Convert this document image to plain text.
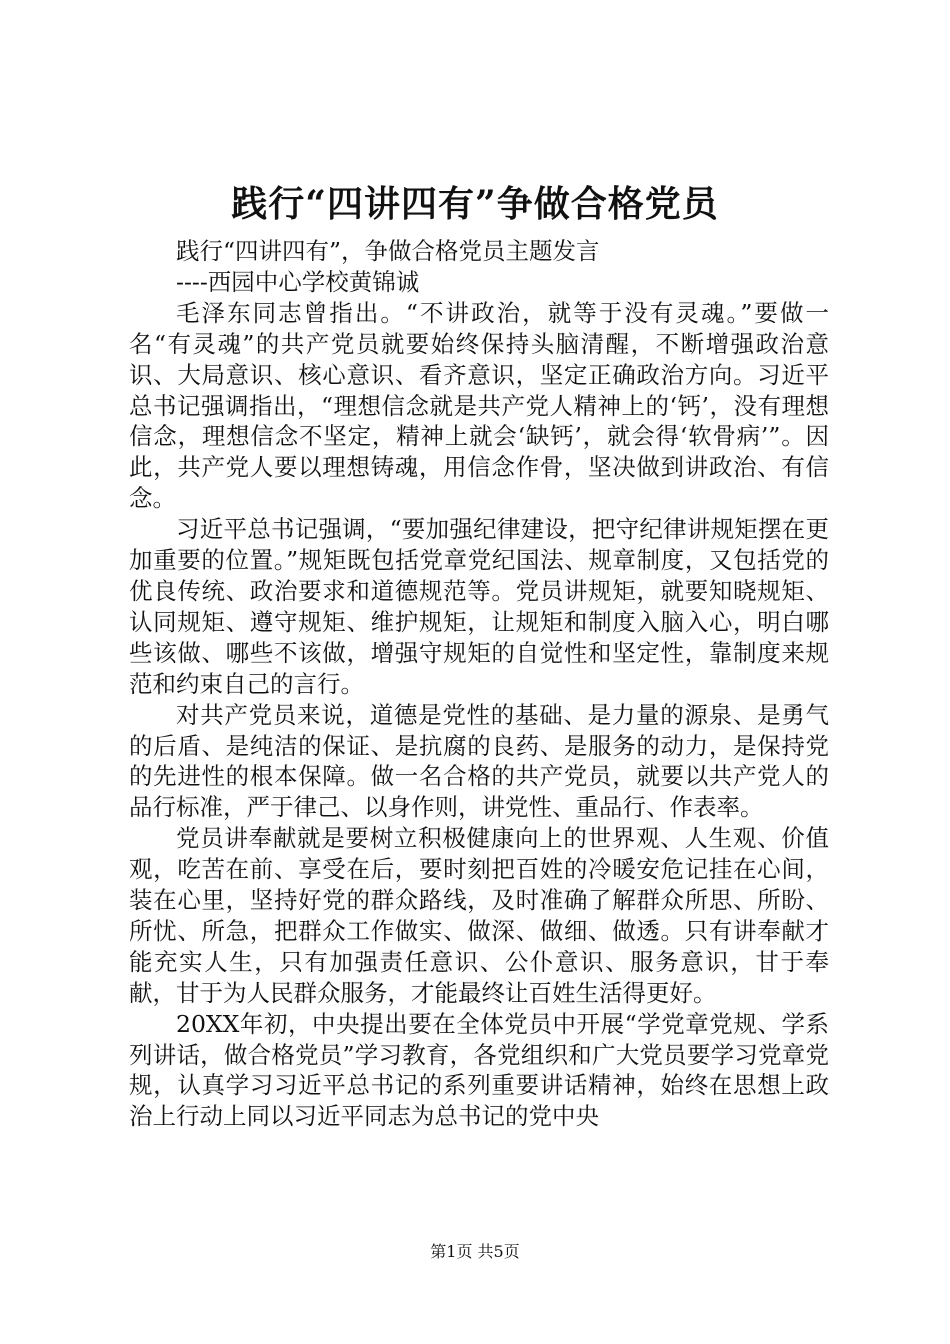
践行“四讲四有”争做合格党员

践行“四讲四有”，争做合格党员主题发言

----西园中心学校黄锦诚

毛泽东同志曾指出。“不讲政治，就等于没有灵魂。”要做一名“有灵魂”的共产党员就要始终保持头脑清醒，不断增强政治意识、大局意识、核心意识、看齐意识，坚定正确政治方向。习近平总书记强调指出，“理想信念就是共产党人精神上的‘钙’，没有理想信念，理想信念不坚定，精神上就会‘缺钙’，就会得‘软骨病’”。因此，共产党人要以理想铸魂，用信念作骨，坚决做到讲政治、有信念。

习近平总书记强调，“要加强纪律建设，把守纪律讲规矩摆在更加重要的位置。”规矩既包括党章党纪国法、规章制度，又包括党的优良传统、政治要求和道德规范等。党员讲规矩，就要知晓规矩、认同规矩、遵守规矩、维护规矩，让规矩和制度入脑入心，明白哪些该做、哪些不该做，增强守规矩的自觉性和坚定性，靠制度来规范和约束自己的言行。

对共产党员来说，道德是党性的基础、是力量的源泉、是勇气的后盾、是纯洁的保证、是抗腐的良药、是服务的动力，是保持党的先进性的根本保障。做一名合格的共产党员，就要以共产党人的品行标准，严于律己、以身作则，讲党性、重品行、作表率。

党员讲奉献就是要树立积极健康向上的世界观、人生观、价值观，吃苦在前、享受在后，要时刻把百姓的冷暖安危记挂在心间，装在心里，坚持好党的群众路线，及时准确了解群众所思、所盼、所忧、所急，把群众工作做实、做深、做细、做透。只有讲奉献才能充实人生，只有加强责任意识、公仆意识、服务意识，甘于奉献，甘于为人民群众服务，才能最终让百姓生活得更好。

20XX年初，中央提出要在全体党员中开展“学党章党规、学系列讲话，做合格党员”学习教育，各党组织和广大党员要学习党章党规，认真学习习近平总书记的系列重要讲话精神，始终在思想上政治上行动上同以习近平同志为总书记的党中央

第1页 共5页
